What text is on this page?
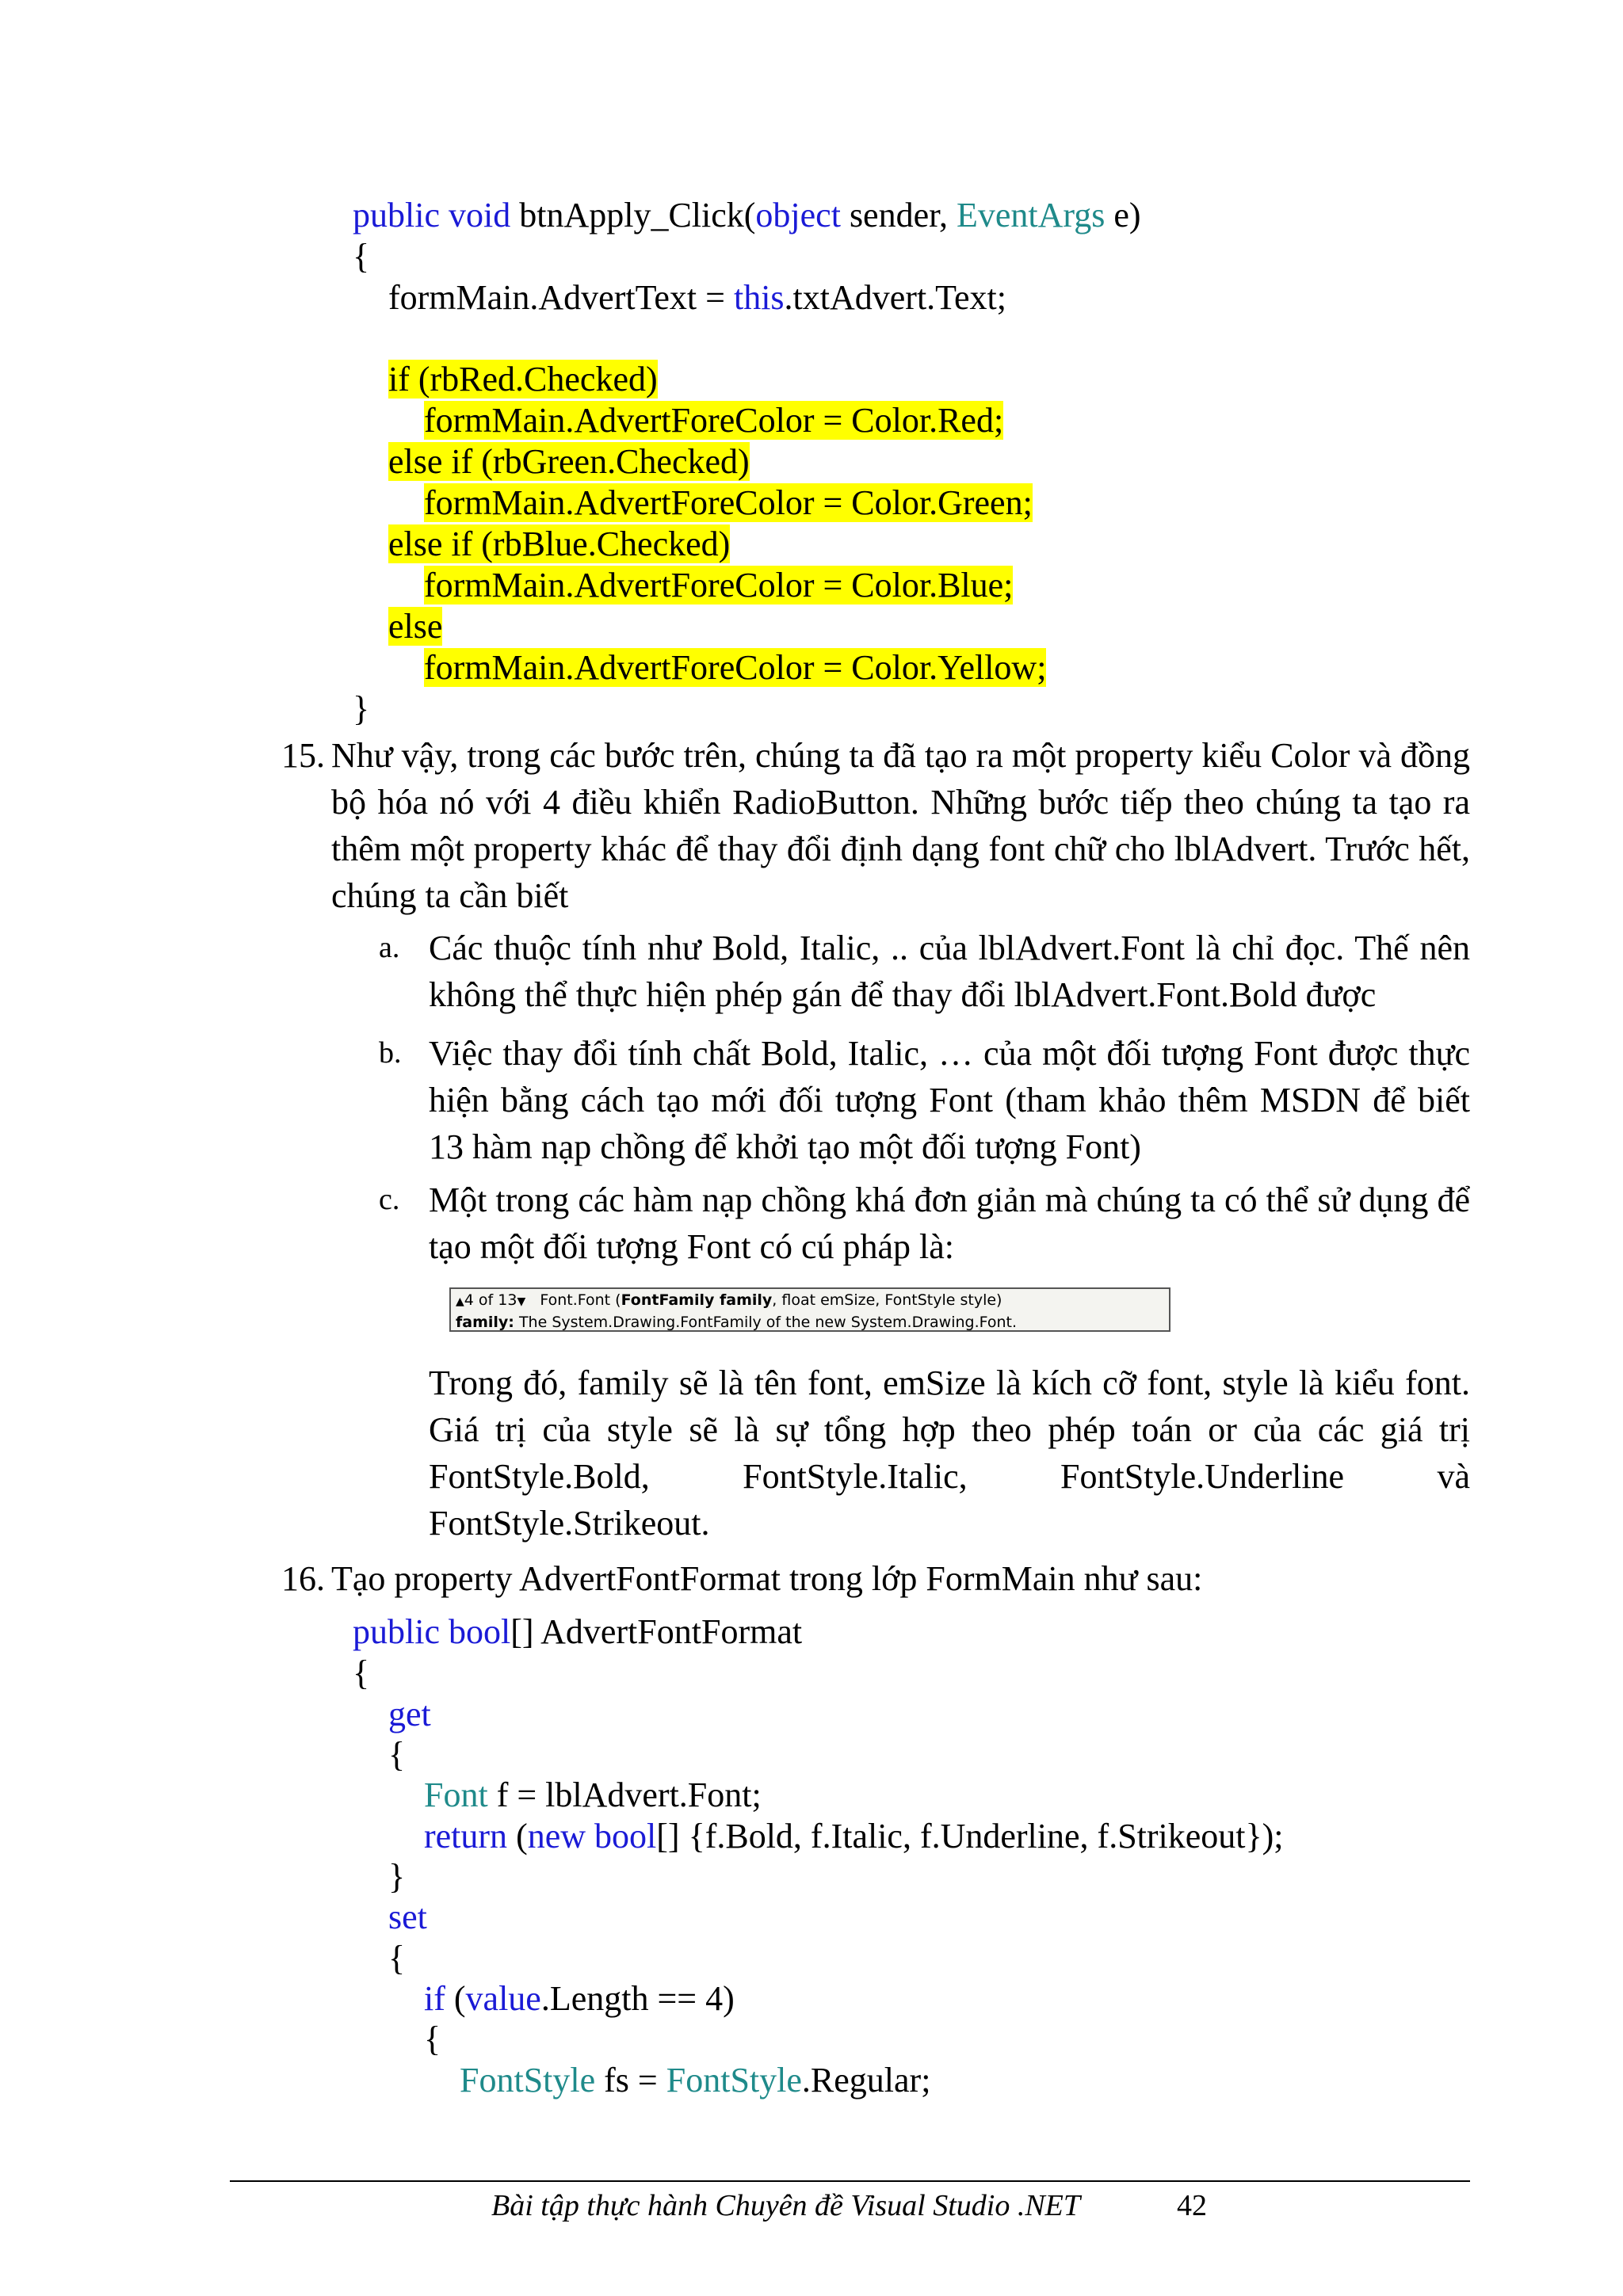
public void btnApply_Click(object sender, EventArgs e)
{
formMain.AdvertText = this.txtAdvert.Text;
if (rbRed.Checked)
formMain.AdvertForeColor = Color.Red;
else if (rbGreen.Checked)
formMain.AdvertForeColor = Color.Green;
else if (rbBlue.Checked)
formMain.AdvertForeColor = Color.Blue;
else
formMain.AdvertForeColor = Color.Yellow;
}
15. Như vậy, trong các bước trên, chúng ta đã tạo ra một property kiểu Color và đồng bộ hóa nó với 4 điều khiển RadioButton. Những bước tiếp theo chúng ta tạo ra thêm một property khác để thay đổi định dạng font chữ cho lblAdvert. Trước hết, chúng ta cần biết
a. Các thuộc tính như Bold, Italic, .. của lblAdvert.Font là chỉ đọc. Thế nên không thể thực hiện phép gán để thay đổi lblAdvert.Font.Bold được
b. Việc thay đổi tính chất Bold, Italic, … của một đối tượng Font được thực hiện bằng cách tạo mới đối tượng Font (tham khảo thêm MSDN để biết 13 hàm nạp chồng để khởi tạo một đối tượng Font)
c. Một trong các hàm nạp chồng khá đơn giản mà chúng ta có thể sử dụng để tạo một đối tượng Font có cú pháp là:
▲4 of 13▼ Font.Font (FontFamily family, float emSize, FontStyle style)
family: The System.Drawing.FontFamily of the new System.Drawing.Font.
Trong đó, family sẽ là tên font, emSize là kích cỡ font, style là kiểu font. Giá trị của style sẽ là sự tổng hợp theo phép toán or của các giá trị FontStyle.Bold, FontStyle.Italic, FontStyle.Underline và FontStyle.Strikeout.
16. Tạo property AdvertFontFormat trong lớp FormMain như sau:
public bool[] AdvertFontFormat
{
get
{
Font f = lblAdvert.Font;
return (new bool[] {f.Bold, f.Italic, f.Underline, f.Strikeout});
}
set
{
if (value.Length == 4)
{
FontStyle fs = FontStyle.Regular;
Bài tập thực hành Chuyên đề Visual Studio .NET	42
